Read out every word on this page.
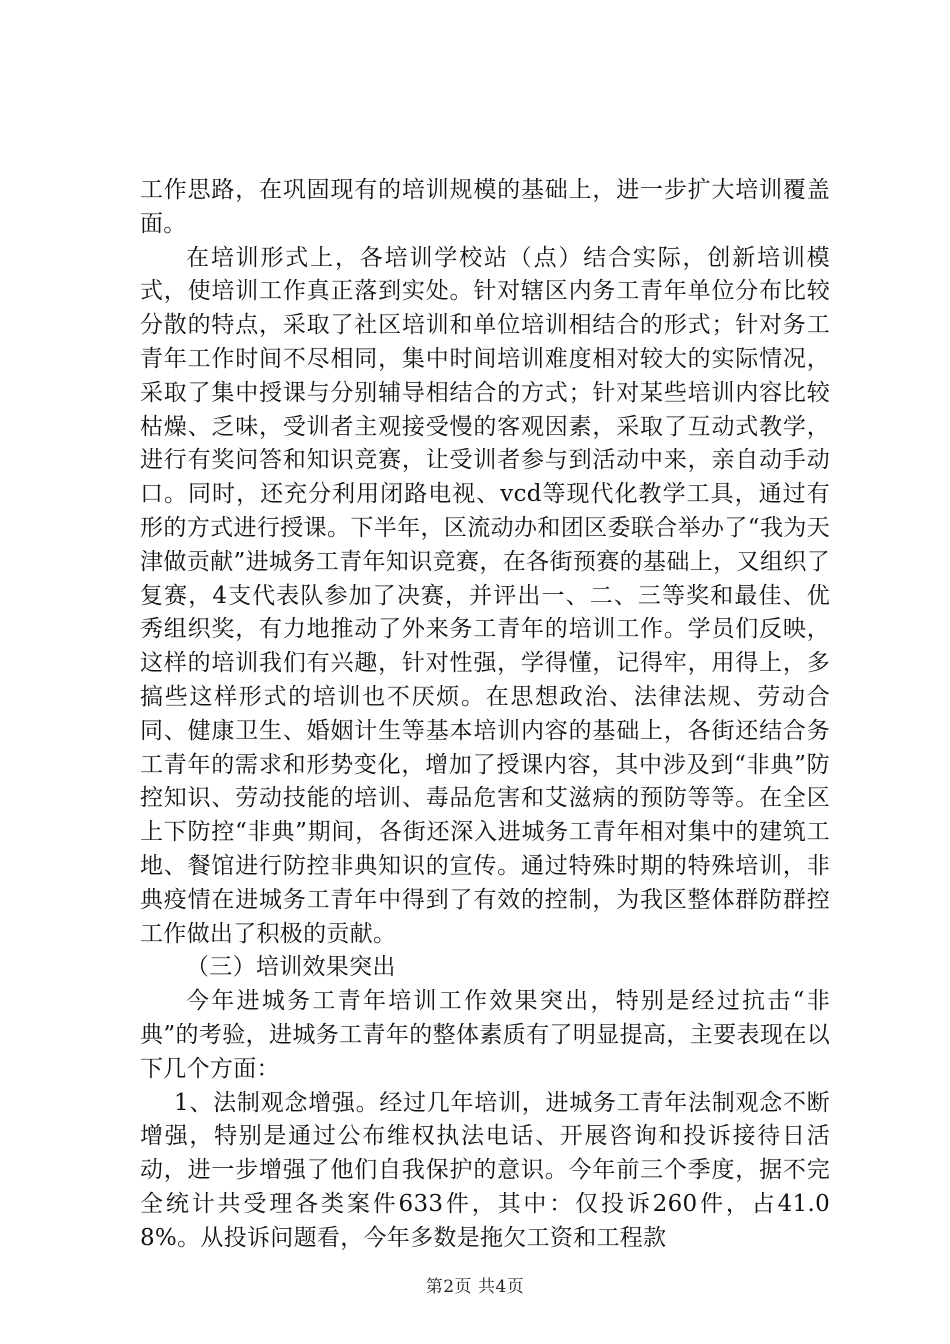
工作思路，在巩固现有的培训规模的基础上，进一步扩大培训覆盖面。

在培训形式上，各培训学校站（点）结合实际，创新培训模式，使培训工作真正落到实处。针对辖区内务工青年单位分布比较分散的特点，采取了社区培训和单位培训相结合的形式；针对务工青年工作时间不尽相同，集中时间培训难度相对较大的实际情况，采取了集中授课与分别辅导相结合的方式；针对某些培训内容比较枯燥、乏味，受训者主观接受慢的客观因素，采取了互动式教学，进行有奖问答和知识竞赛，让受训者参与到活动中来，亲自动手动口。同时，还充分利用闭路电视、vcd等现代化教学工具，通过有形的方式进行授课。下半年，区流动办和团区委联合举办了“我为天津做贡献”进城务工青年知识竞赛，在各街预赛的基础上，又组织了复赛，4支代表队参加了决赛，并评出一、二、三等奖和最佳、优秀组织奖，有力地推动了外来务工青年的培训工作。学员们反映，这样的培训我们有兴趣，针对性强，学得懂，记得牢，用得上，多搞些这样形式的培训也不厌烦。在思想政治、法律法规、劳动合同、健康卫生、婚姻计生等基本培训内容的基础上，各街还结合务工青年的需求和形势变化，增加了授课内容，其中涉及到“非典”防控知识、劳动技能的培训、毒品危害和艾滋病的预防等等。在全区上下防控“非典”期间，各街还深入进城务工青年相对集中的建筑工地、餐馆进行防控非典知识的宣传。通过特殊时期的特殊培训，非典疫情在进城务工青年中得到了有效的控制，为我区整体群防群控工作做出了积极的贡献。

（三）培训效果突出

今年进城务工青年培训工作效果突出，特别是经过抗击“非典”的考验，进城务工青年的整体素质有了明显提高，主要表现在以下几个方面：

1、法制观念增强。经过几年培训，进城务工青年法制观念不断增强，特别是通过公布维权执法电话、开展咨询和投诉接待日活动，进一步增强了他们自我保护的意识。今年前三个季度，据不完全统计共受理各类案件633件，其中：仅投诉260件，占41.08%。从投诉问题看，今年多数是拖欠工资和工程款

第2页 共4页
